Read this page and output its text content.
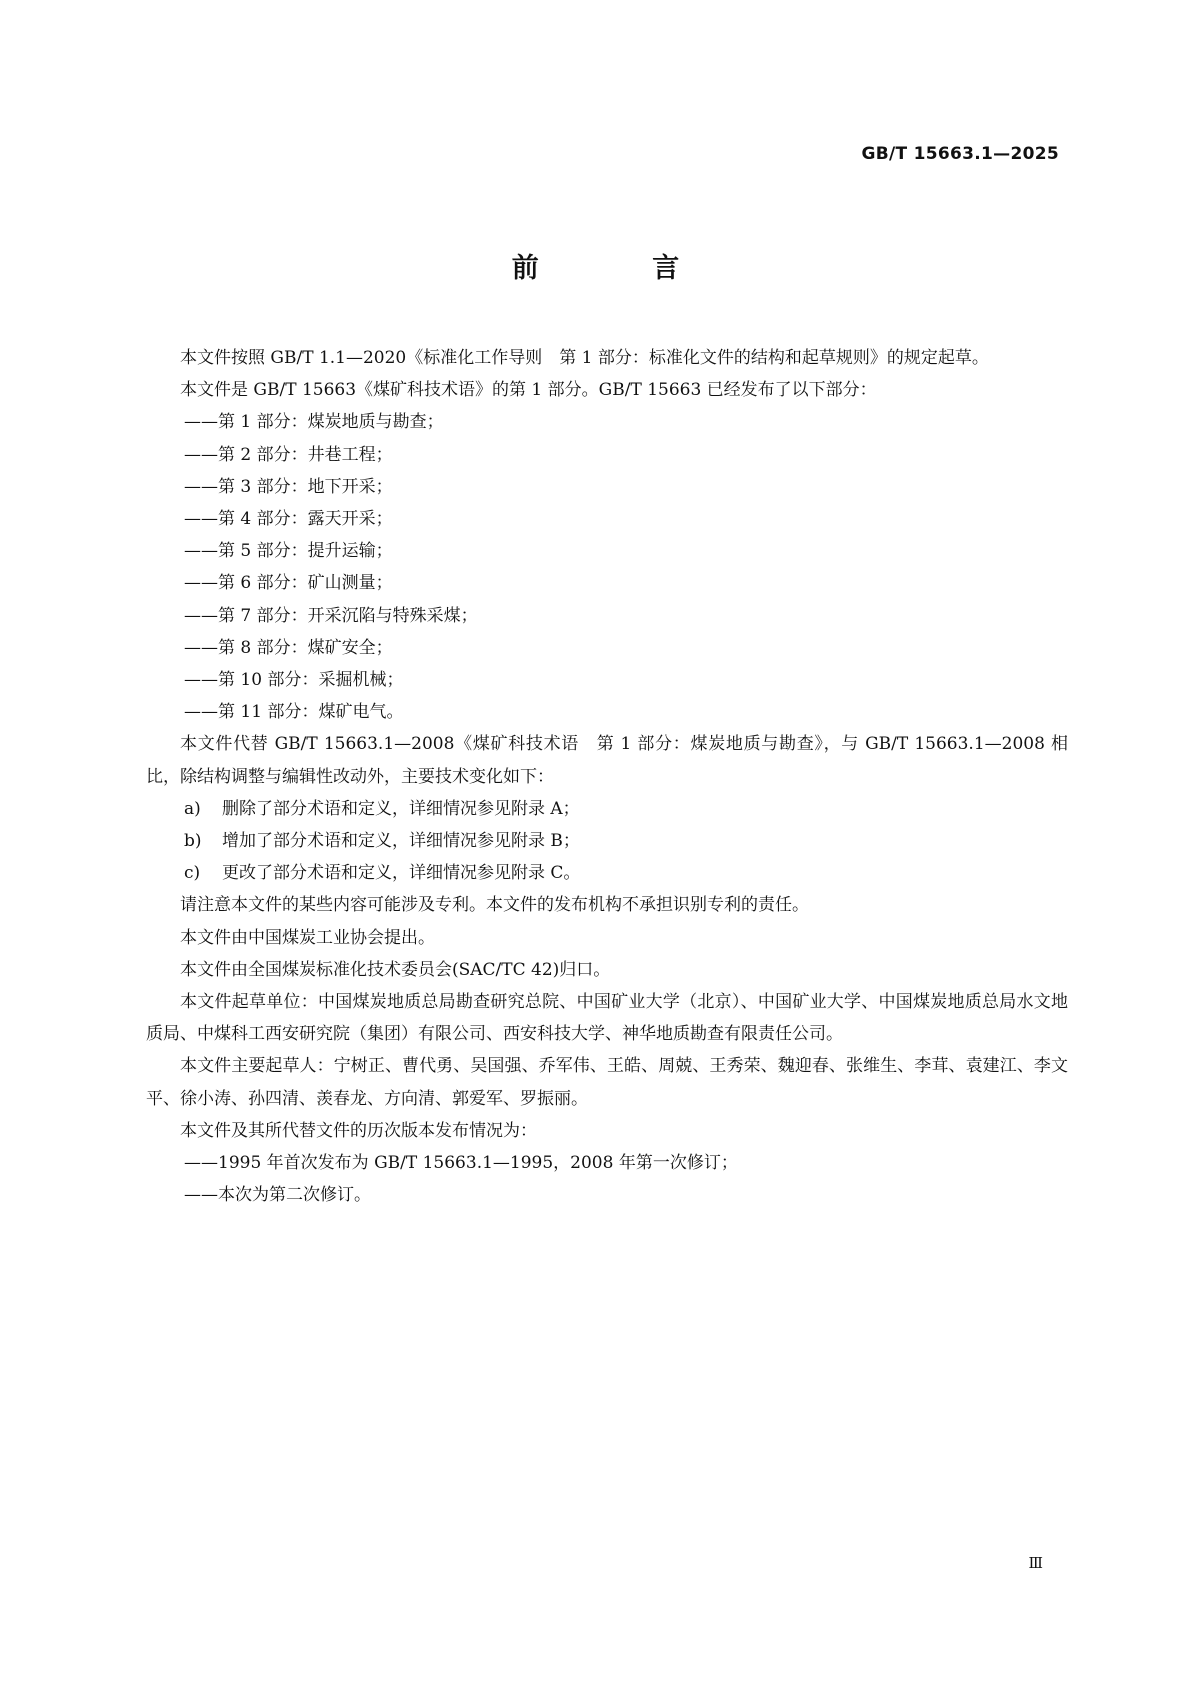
GB/T 15663.1—2025
前 言

本文件按照 GB/T 1.1—2020《标准化工作导则　第 1 部分：标准化文件的结构和起草规则》的规定起草。

本文件是 GB/T 15663《煤矿科技术语》的第 1 部分。GB/T 15663 已经发布了以下部分：

——第 1 部分：煤炭地质与勘查；

——第 2 部分：井巷工程；

——第 3 部分：地下开采；

——第 4 部分：露天开采；

——第 5 部分：提升运输；

——第 6 部分：矿山测量；

——第 7 部分：开采沉陷与特殊采煤；

——第 8 部分：煤矿安全；

——第 10 部分：采掘机械；

——第 11 部分：煤矿电气。

本文件代替 GB/T 15663.1—2008《煤矿科技术语　第 1 部分：煤炭地质与勘查》，与 GB/T 15663.1—2008 相比，除结构调整与编辑性改动外，主要技术变化如下：

a) 删除了部分术语和定义，详细情况参见附录 A；

b) 增加了部分术语和定义，详细情况参见附录 B；

c) 更改了部分术语和定义，详细情况参见附录 C。

请注意本文件的某些内容可能涉及专利。本文件的发布机构不承担识别专利的责任。

本文件由中国煤炭工业协会提出。

本文件由全国煤炭标准化技术委员会(SAC/TC 42)归口。

本文件起草单位：中国煤炭地质总局勘查研究总院、中国矿业大学（北京）、中国矿业大学、中国煤炭地质总局水文地质局、中煤科工西安研究院（集团）有限公司、西安科技大学、神华地质勘查有限责任公司。

本文件主要起草人：宁树正、曹代勇、吴国强、乔军伟、王皓、周兢、王秀荣、魏迎春、张维生、李茸、袁建江、李文平、徐小涛、孙四清、羡春龙、方向清、郭爱军、罗振丽。

本文件及其所代替文件的历次版本发布情况为：

——1995 年首次发布为 GB/T 15663.1—1995，2008 年第一次修订；

——本次为第二次修订。

Ⅲ
